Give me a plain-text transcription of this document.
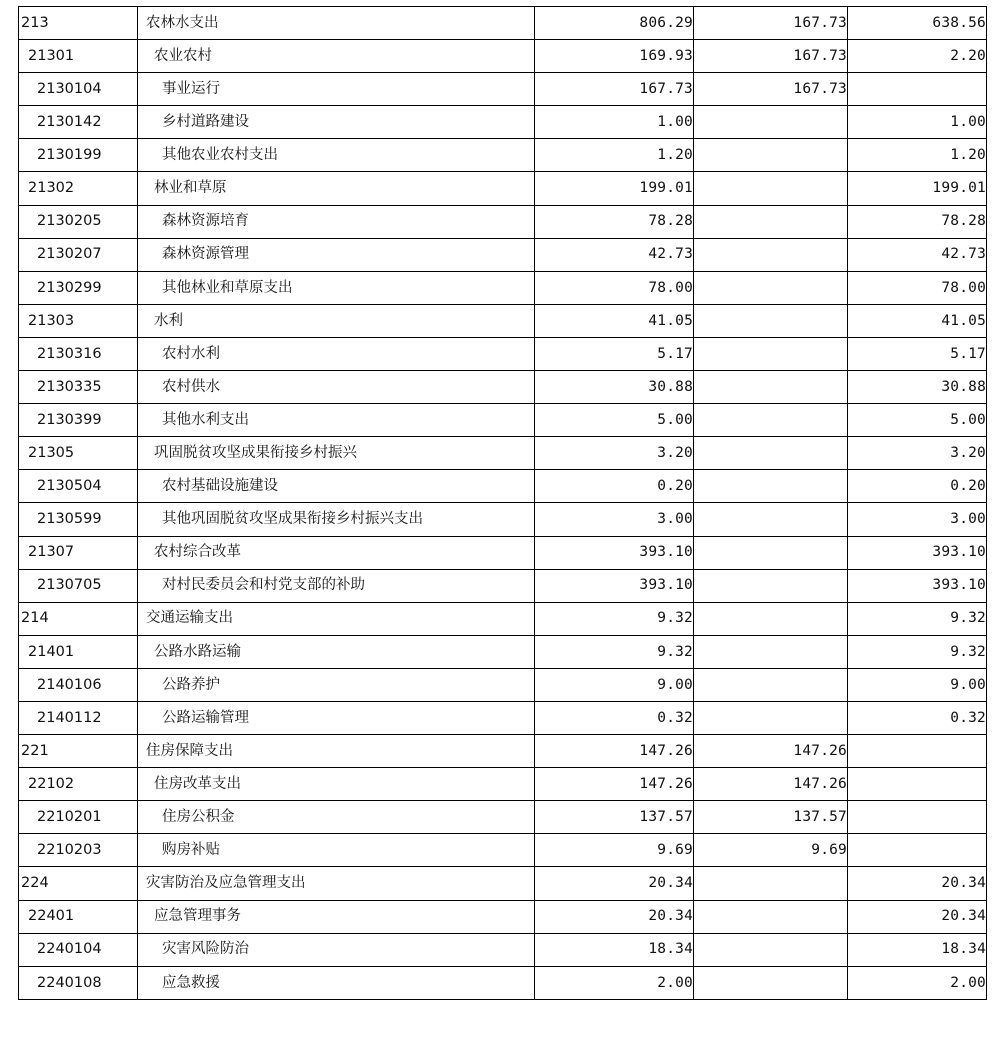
213	农林水支出	806.29	167.73	638.56
21301	农业农村	169.93	167.73	2.20
2130104	事业运行	167.73	167.73	
2130142	乡村道路建设	1.00		1.00
2130199	其他农业农村支出	1.20		1.20
21302	林业和草原	199.01		199.01
2130205	森林资源培育	78.28		78.28
2130207	森林资源管理	42.73		42.73
2130299	其他林业和草原支出	78.00		78.00
21303	水利	41.05		41.05
2130316	农村水利	5.17		5.17
2130335	农村供水	30.88		30.88
2130399	其他水利支出	5.00		5.00
21305	巩固脱贫攻坚成果衔接乡村振兴	3.20		3.20
2130504	农村基础设施建设	0.20		0.20
2130599	其他巩固脱贫攻坚成果衔接乡村振兴支出	3.00		3.00
21307	农村综合改革	393.10		393.10
2130705	对村民委员会和村党支部的补助	393.10		393.10
214	交通运输支出	9.32		9.32
21401	公路水路运输	9.32		9.32
2140106	公路养护	9.00		9.00
2140112	公路运输管理	0.32		0.32
221	住房保障支出	147.26	147.26	
22102	住房改革支出	147.26	147.26	
2210201	住房公积金	137.57	137.57	
2210203	购房补贴	9.69	9.69	
224	灾害防治及应急管理支出	20.34		20.34
22401	应急管理事务	20.34		20.34
2240104	灾害风险防治	18.34		18.34
2240108	应急救援	2.00		2.00
